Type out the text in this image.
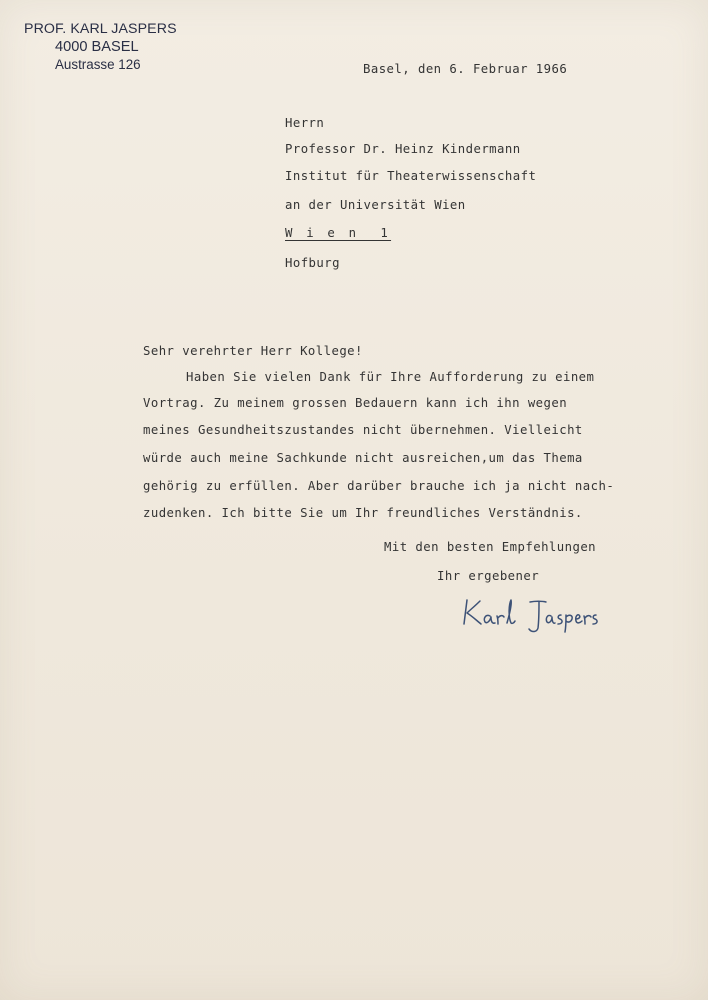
PROF. KARL JASPERS
4000 BASEL
Austrasse 126	Basel, den 6. Februar 1966

Herrn

Professor Dr. Heinz Kindermann

Institut für Theaterwissenschaft

an der Universität Wien

W i e n  1

Hofburg

Sehr verehrter Herr Kollege!

Haben Sie vielen Dank für Ihre Aufforderung zu einem

Vortrag. Zu meinem grossen Bedauern kann ich ihn wegen

meines Gesundheitszustandes nicht übernehmen. Vielleicht

würde auch meine Sachkunde nicht ausreichen,um das Thema

gehörig zu erfüllen. Aber darüber brauche ich ja nicht nach-

zudenken. Ich bitte Sie um Ihr freundliches Verständnis.

Mit den besten Empfehlungen
Ihr ergebener
